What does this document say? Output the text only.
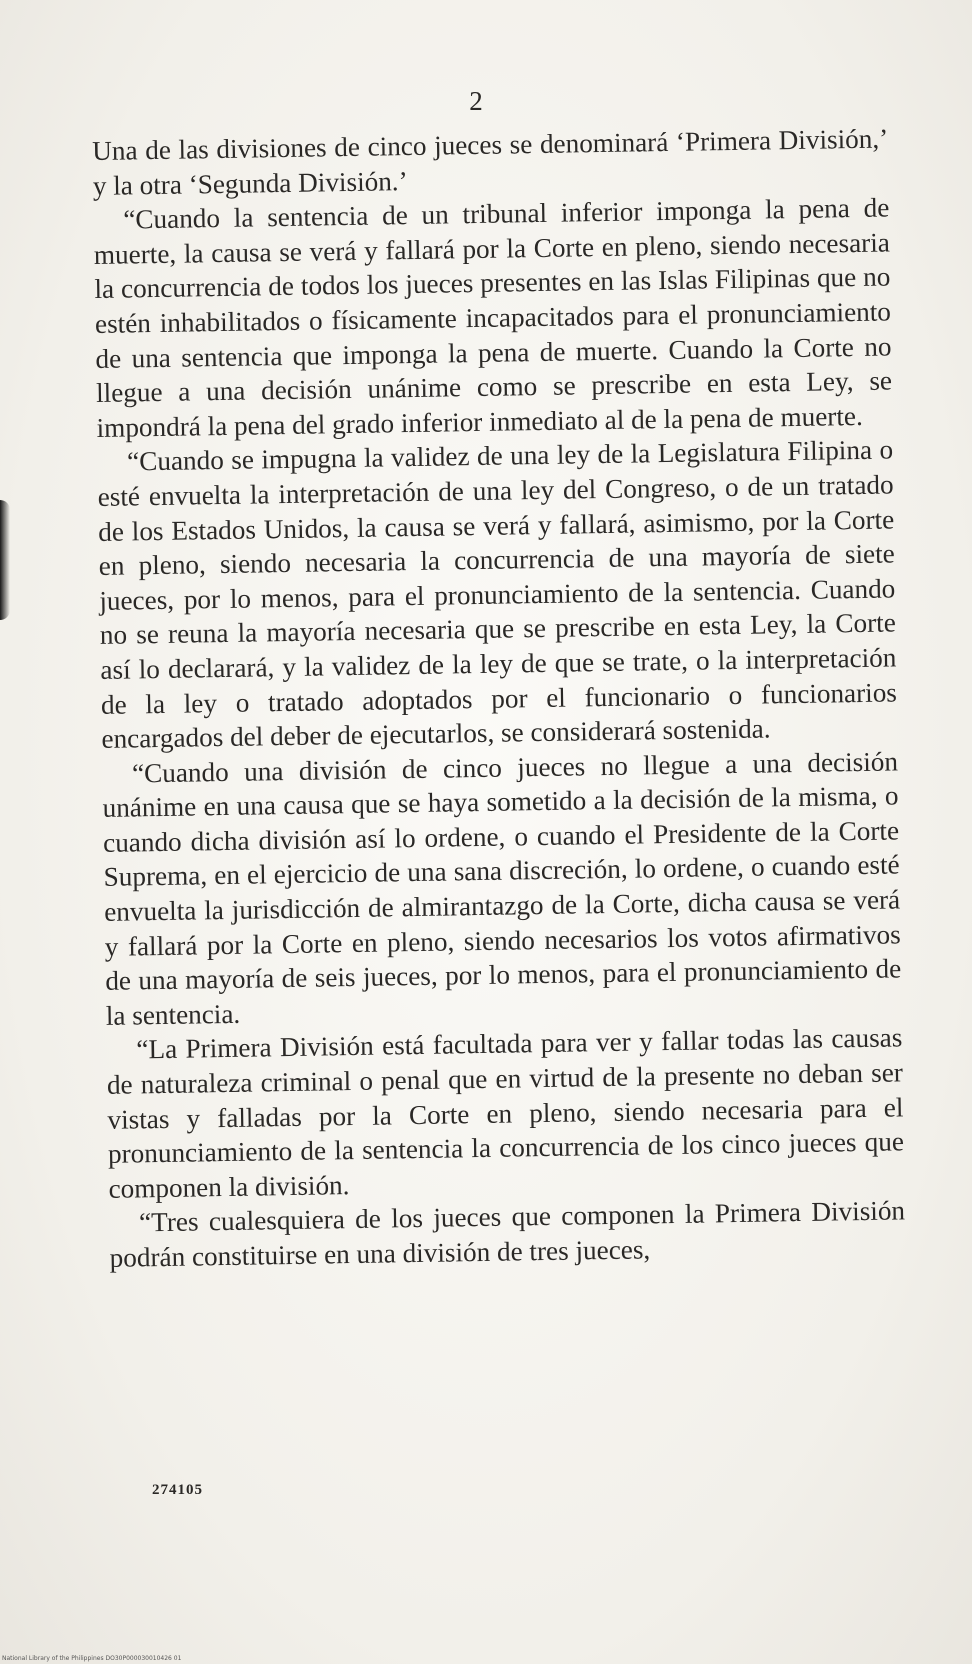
2

Una de las divisiones de cinco jueces se denominará ‘Primera División,’ y la otra ‘Segunda División.’

“Cuando la sentencia de un tribunal inferior imponga la pena de muerte, la causa se verá y fallará por la Corte en pleno, siendo necesaria la concurrencia de todos los jueces presentes en las Islas Filipinas que no estén inhabilitados o físicamente incapacitados para el pronunciamiento de una sentencia que imponga la pena de muerte. Cuando la Corte no llegue a una decisión unánime como se prescribe en esta Ley, se impondrá la pena del grado inferior inmediato al de la pena de muerte.

“Cuando se impugna la validez de una ley de la Legislatura Filipina o esté envuelta la interpretación de una ley del Congreso, o de un tratado de los Estados Unidos, la causa se verá y fallará, asimismo, por la Corte en pleno, siendo necesaria la concurrencia de una mayoría de siete jueces, por lo menos, para el pronunciamiento de la sentencia. Cuando no se reuna la mayoría necesaria que se prescribe en esta Ley, la Corte así lo declarará, y la validez de la ley de que se trate, o la interpretación de la ley o tratado adoptados por el funcionario o funcionarios encargados del deber de ejecutarlos, se considerará sostenida.

“Cuando una división de cinco jueces no llegue a una decisión unánime en una causa que se haya sometido a la decisión de la misma, o cuando dicha división así lo ordene, o cuando el Presidente de la Corte Suprema, en el ejercicio de una sana discreción, lo ordene, o cuando esté envuelta la jurisdicción de almirantazgo de la Corte, dicha causa se verá y fallará por la Corte en pleno, siendo necesarios los votos afirmativos de una mayoría de seis jueces, por lo menos, para el pronunciamiento de la sentencia.

“La Primera División está facultada para ver y fallar todas las causas de naturaleza criminal o penal que en virtud de la presente no deban ser vistas y falladas por la Corte en pleno, siendo necesaria para el pronunciamiento de la sentencia la concurrencia de los cinco jueces que componen la división.

“Tres cualesquiera de los jueces que componen la Primera División podrán constituirse en una división de tres jueces,

274105
National Library of the Philippines DO30P000030010426 01
